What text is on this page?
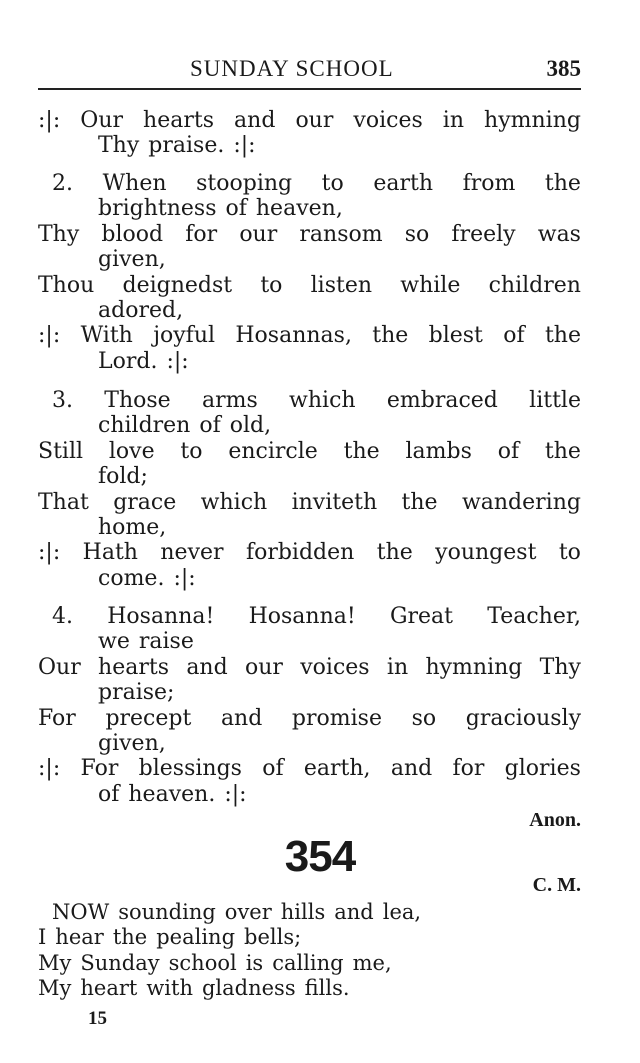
SUNDAY SCHOOL	385
:|: Our hearts and our voices in hymning
Thy praise. :|:
2. When stooping to earth from the
brightness of heaven,
Thy blood for our ransom so freely was
given,
Thou deignedst to listen while children
adored,
:|: With joyful Hosannas, the blest of the
Lord. :|:
3. Those arms which embraced little
children of old,
Still love to encircle the lambs of the
fold;
That grace which inviteth the wandering
home,
:|: Hath never forbidden the youngest to
come. :|:
4. Hosanna! Hosanna! Great Teacher,
we raise
Our hearts and our voices in hymning Thy
praise;
For precept and promise so graciously
given,
:|: For blessings of earth, and for glories
of heaven. :|:
Anon.
354
C. M.
NOW sounding over hills and lea,
I hear the pealing bells;
My Sunday school is calling me,
My heart with gladness fills.
15
